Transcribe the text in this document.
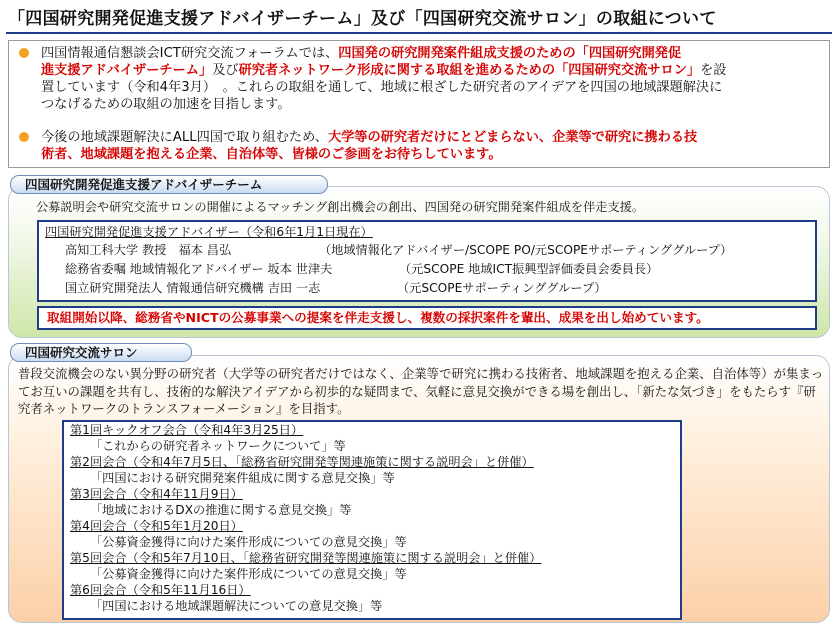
「四国研究開発促進支援アドバイザーチーム」及び「四国研究交流サロン」の取組について
四国情報通信懇談会ICT研究交流フォーラムでは、四国発の研究開発案件組成支援のための「四国研究開発促
進支援アドバイザーチーム」及び研究者ネットワーク形成に関する取組を進めるための「四国研究交流サロン」を設
置しています（令和4年3月）　。これらの取組を通して、地域に根ざした研究者のアイデアを四国の地域課題解決に
つなげるための取組の加速を目指します。
今後の地域課題解決にALL四国で取り組むため、大学等の研究者だけにとどまらない、企業等で研究に携わる技
術者、地域課題を抱える企業、自治体等、皆様のご参画をお待ちしています。
四国研究開発促進支援アドバイザーチーム
公募説明会や研究交流サロンの開催によるマッチング創出機会の創出、四国発の研究開発案件組成を伴走支援。
四国研究開発促進支援アドバイザー（令和6年1月1日現在）
高知工科大学 教授　福本 昌弘	（地域情報化アドバイザー/SCOPE PO/元SCOPEサポーティンググループ）
総務省委嘱 地域情報化アドバイザー 坂本 世津夫	（元SCOPE 地域ICT振興型評価委員会委員長）
国立研究開発法人 情報通信研究機構 吉田 一志	（元SCOPEサポーティンググループ）
取組開始以降、総務省やNICTの公募事業への提案を伴走支援し、複数の採択案件を輩出、成果を出し始めています。
四国研究交流サロン
普段交流機会のない異分野の研究者（大学等の研究者だけではなく、企業等で研究に携わる技術者、地域課題を抱える企業、自治体等）が集まってお互いの課題を共有し、技術的な解決アイデアから初歩的な疑問まで、気軽に意見交換ができる場を創出し、「新たな気づき」をもたらす『研究者ネットワークのトランスフォーメーション』を目指す。
第1回キックオフ会合（令和4年3月25日）
「これからの研究者ネットワークについて」等
第2回会合（令和4年7月5日、「総務省研究開発等関連施策に関する説明会」と併催）
「四国における研究開発案件組成に関する意見交換」等
第3回会合（令和4年11月9日）
「地域におけるDXの推進に関する意見交換」等
第4回会合（令和5年1月20日）
「公募資金獲得に向けた案件形成についての意見交換」等
第5回会合（令和5年7月10日、「総務省研究開発等関連施策に関する説明会」と併催）
「公募資金獲得に向けた案件形成についての意見交換」等
第6回会合（令和5年11月16日）
「四国における地域課題解決についての意見交換」等
